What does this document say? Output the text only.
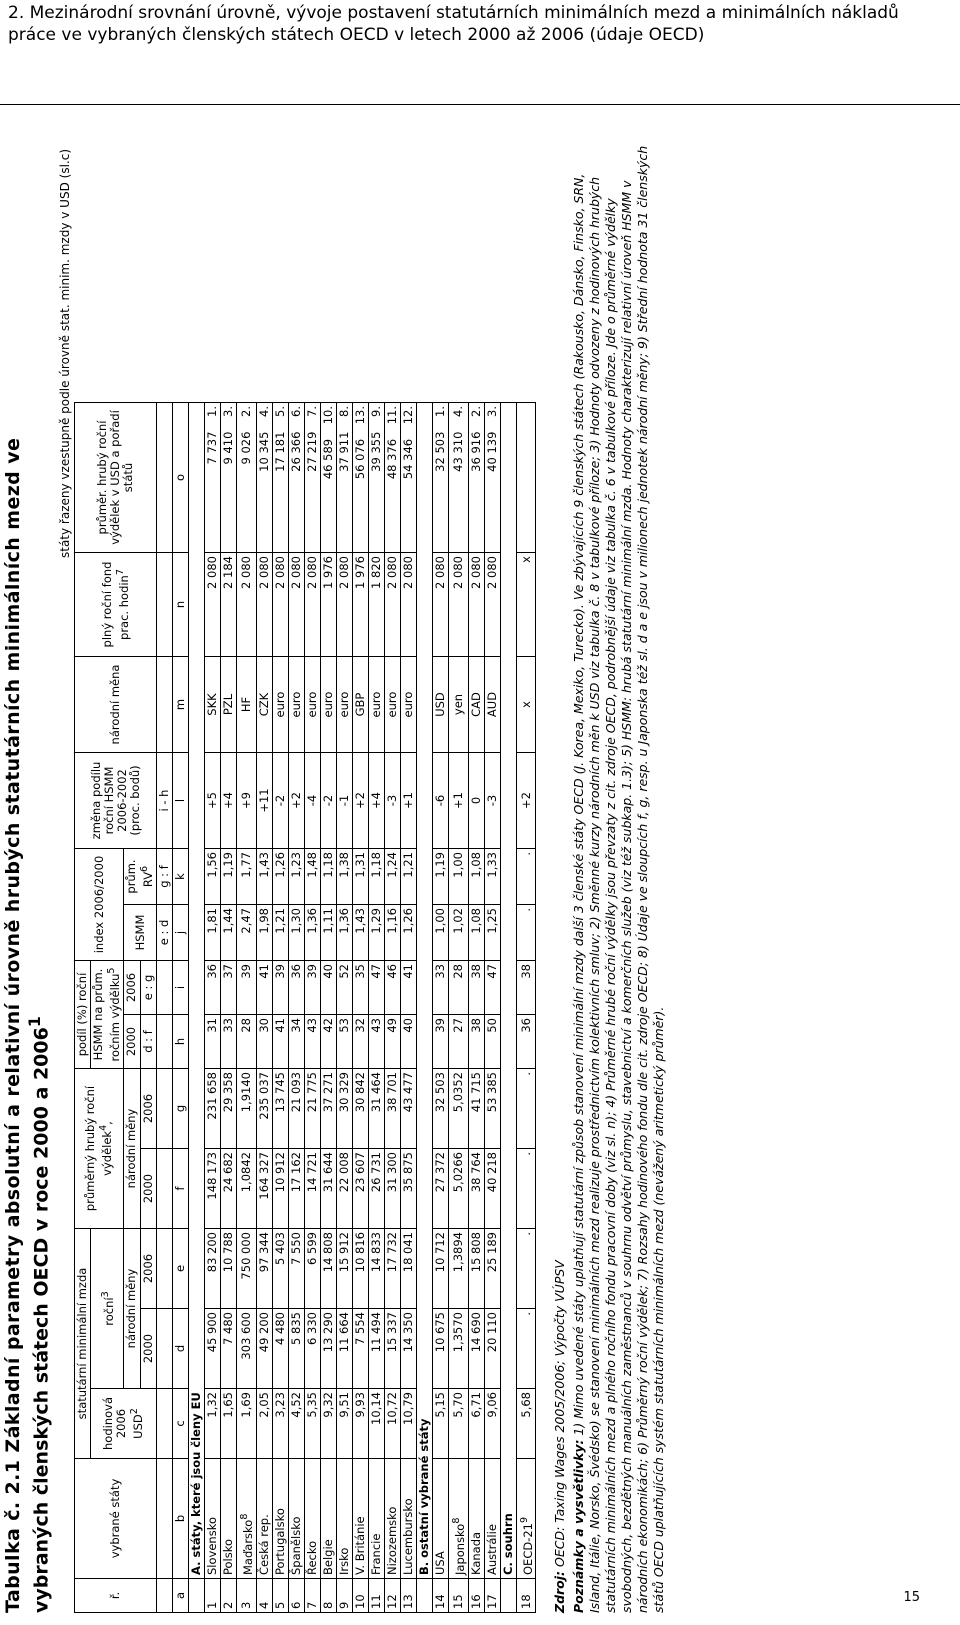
2. Mezinárodní srovnání úrovně, vývoje postavení statutárních minimálních mezd a minimálních nákladů práce ve vybraných členských státech OECD v letech 2000 až 2006 (údaje OECD)
Tabulka č. 2.1 Základní parametry absolutní a relativní úrovně hrubých statutárních minimálních mezd ve vybraných členských státech OECD v roce 2000 a 2006$^1$
státy řazeny vzestupně podle úrovně stat. minim. mzdy v USD (sl.c)
ř.	vybrané státy	statutární minimální mzda			průměrný hrubý roční výdělek$^4$,		podíl (%) roční		index 2006/2000		změna podílu roční HSMM 2006-2002 (proc. bodů)	národní měna	plný roční fond prac. hodin$^7$	průměr. hrubý roční výdělek v USD a pořadí států
		hodinová 2006 USD$^2$	roční$^3$				HSMM na prům. ročním výdělku$^5$
			národní měny		národní měny		2000	2006	HSMM	prům. $RV^6$
			2000	2006	2000	2006	d : f	e : g						
									e : d	g : f	i - h			
a	b	c	d	e	f	g	h	i	j	k	l	m	n	o
	A. státy, které jsou členy EU													
1	Slovensko	1,32	45 900	83 200	148 173	231 658	31	36	1,81	1,56	+5	SKK	2 080	7 737    1.
2	Polsko	1,65	7 480	10 788	24 682	29 358	33	37	1,44	1,19	+4	PZL	2 184	9 410    3.
3	Maďarsko$^8$	1,69	303 600	750 000	1,0842	1,9140	28	39	2,47	1,77	+9	HF	2 080	9 026    2.
4	Česká rep.	2,05	49 200	97 344	164 327	235 037	30	41	1,98	1,43	+11	CZK	2 080	10 345    4.
5	Portugalsko	3,23	4 480	5 403	10 912	13 745	41	39	1,21	1,26	-2	euro	2 080	17 181    5.
6	Španělsko	4,52	5 835	7 550	17 162	21 093	34	36	1,30	1,23	+2	euro	2 080	26 366    6.
7	Řecko	5,35	6 330	6 599	14 721	21 775	43	39	1,36	1,48	-4	euro	2 080	27 219    7.
8	Belgie	9,32	13 290	14 808	31 644	37 271	42	40	1,11	1,18	-2	euro	1 976	46 589    10.
9	Irsko	9,51	11 664	15 912	22 008	30 329	53	52	1,36	1,38	-1	euro	2 080	37 911    8.
10	V. Británie	9,93	7 554	10 816	23 607	30 842	32	35	1,43	1,31	+2	GBP	1 976	56 076    13.
11	Francie	10,14	11 494	14 833	26 731	31 464	43	47	1,29	1,18	+4	euro	1 820	39 355    9.
12	Nizozemsko	10,72	15 337	17 732	31 300	38 701	49	46	1,16	1,24	-3	euro	2 080	48 376    11.
13	Lucembursko	10,79	14 350	18 041	35 875	43 477	40	41	1,26	1,21	+1	euro	2 080	54 346    12.
	B. ostatní vybrané státy													
14	USA	5,15	10 675	10 712	27 372	32 503	39	33	1,00	1,19	-6	USD	2 080	32 503    1.
15	Japonsko$^8$	5,70	1,3570	1,3894	5,0266	5,0352	27	28	1,02	1,00	+1	yen	2 080	43 310    4.
16	Kanada	6,71	14 690	15 808	38 764	41 715	38	38	1,08	1,08	0	CAD	2 080	36 916    2.
17	Austrálie	9,06	20 110	25 189	40 218	53 385	50	47	1,25	1,33	-3	AUD	2 080	40 139    3.
	C. souhrn													
18	OECD-$21^9$	5,68	.	.	.	.	36	38	.	.	+2	x	x	
Zdroj: OECD: Taxing Wages 2005/2006; Výpočty VÚPSV Poznámky a vysvětlivky: 1) Mimo uvedené státy uplatňují statutární způsob stanovení minimální mzdy další 3 členské státy OECD (J. Korea, Mexiko, Turecko). Ve zbývajících 9 členských státech (Rakousko, Dánsko, Finsko, SRN, Island, Itálie, Norsko, Švédsko) se stanovení minimálních mezd realizuje prostřednictvím kolektivních smluv; 2) Směnné kurzy národních měn k USD viz tabulka č. 8 v tabulkové příloze; 3) Hodnoty odvozeny z hodinových hrubých statutárních minimálních mezd a plného ročního fondu pracovní doby (viz sl. n); 4) Průměrné hrubé roční výdělky jsou převzaty z cit. zdroje OECD, podrobnější údaje viz tabulka č. 6 v tabulkové příloze. Jde o průměrné výdělky svobodných, bezdětných manuálních zaměstnanců v souhrnu odvětví průmyslu, stavebnictví a komerčních služeb (viz též subkap. 1.3); 5) HSMM: hrubá statutární minimální mzda. Hodnoty charakterizují relativní úroveň HSMM v národních ekonomikách; 6) Průměrný roční výdělek; 7) Rozsahy hodinového fondu dle cit. zdroje OECD; 8) Údaje ve sloupcích f, g, resp. u Japonska též sl. d a e jsou v milionech jednotek národní měny; 9) Střední hodnota 31 členských států OECD uplatňujících systém statutárních minimálních mezd (nevážený aritmetický průměr).	15
